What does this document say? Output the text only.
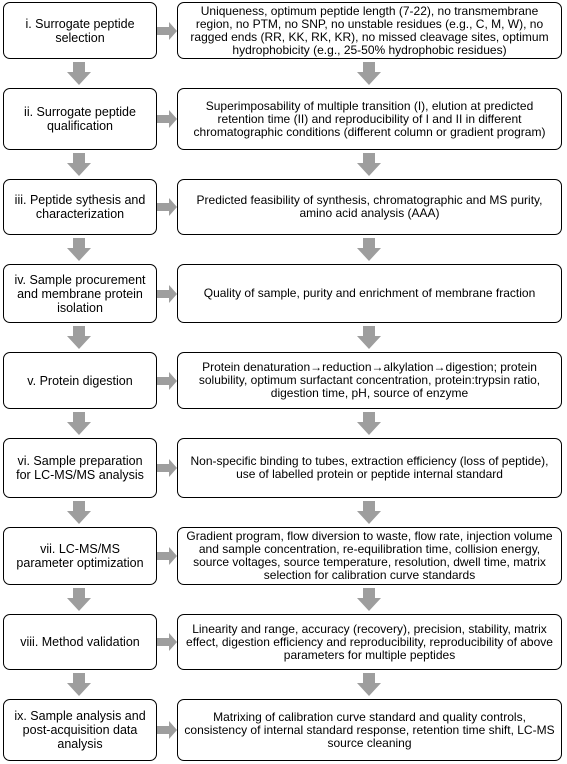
i. Surrogate peptide selection
Uniqueness, optimum peptide length (7-22), no transmembrane region, no PTM, no SNP, no unstable residues (e.g., C, M, W), no ragged ends (RR, KK, RK, KR), no missed cleavage sites, optimum hydrophobicity (e.g., 25-50% hydrophobic residues)
ii. Surrogate peptide qualification
Superimposability of multiple transition (I), elution at predicted retention time (II) and reproducibility of I and II in different chromatographic conditions (different column or gradient program)
iii. Peptide sythesis and characterization
Predicted feasibility of synthesis, chromatographic and MS purity, amino acid analysis (AAA)
iv. Sample procurement and membrane protein isolation
Quality of sample, purity and enrichment of membrane fraction
v. Protein digestion
Protein denaturation→reduction→alkylation→digestion; protein solubility, optimum surfactant concentration, protein:trypsin ratio, digestion time, pH, source of enzyme
vi. Sample preparation for LC-MS/MS analysis
Non-specific binding to tubes, extraction efficiency (loss of peptide), use of labelled protein or peptide internal standard
vii. LC-MS/MS parameter optimization
Gradient program, flow diversion to waste, flow rate, injection volume and sample concentration, re-equilibration time, collision energy, source voltages, source temperature, resolution, dwell time, matrix selection for calibration curve standards
viii. Method validation
Linearity and range, accuracy (recovery), precision, stability, matrix effect, digestion efficiency and reproducibility, reproducibility of above parameters for multiple peptides
ix. Sample analysis and post-acquisition data analysis
Matrixing of calibration curve standard and quality controls, consistency of internal standard response, retention time shift, LC-MS source cleaning
